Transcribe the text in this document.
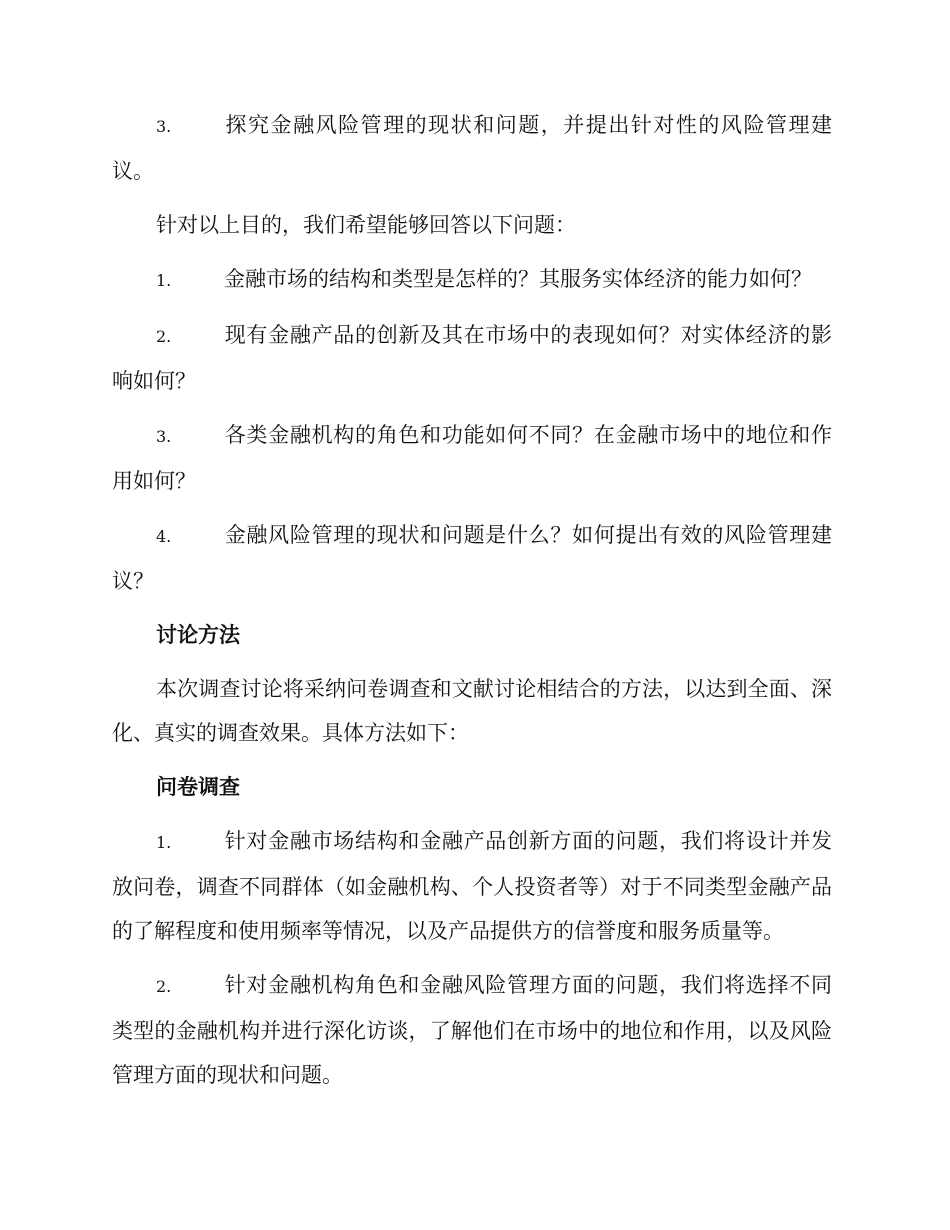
3.	探究金融风险管理的现状和问题，并提出针对性的风险管理建议。

针对以上目的，我们希望能够回答以下问题：

1.	金融市场的结构和类型是怎样的？其服务实体经济的能力如何？

2.	现有金融产品的创新及其在市场中的表现如何？对实体经济的影响如何？

3.	各类金融机构的角色和功能如何不同？在金融市场中的地位和作用如何？

4.	金融风险管理的现状和问题是什么？如何提出有效的风险管理建议？

讨论方法

本次调查讨论将采纳问卷调查和文献讨论相结合的方法，以达到全面、深化、真实的调查效果。具体方法如下：

问卷调查

1.	针对金融市场结构和金融产品创新方面的问题，我们将设计并发放问卷，调查不同群体（如金融机构、个人投资者等）对于不同类型金融产品的了解程度和使用频率等情况，以及产品提供方的信誉度和服务质量等。

2.	针对金融机构角色和金融风险管理方面的问题，我们将选择不同类型的金融机构并进行深化访谈，了解他们在市场中的地位和作用，以及风险管理方面的现状和问题。
